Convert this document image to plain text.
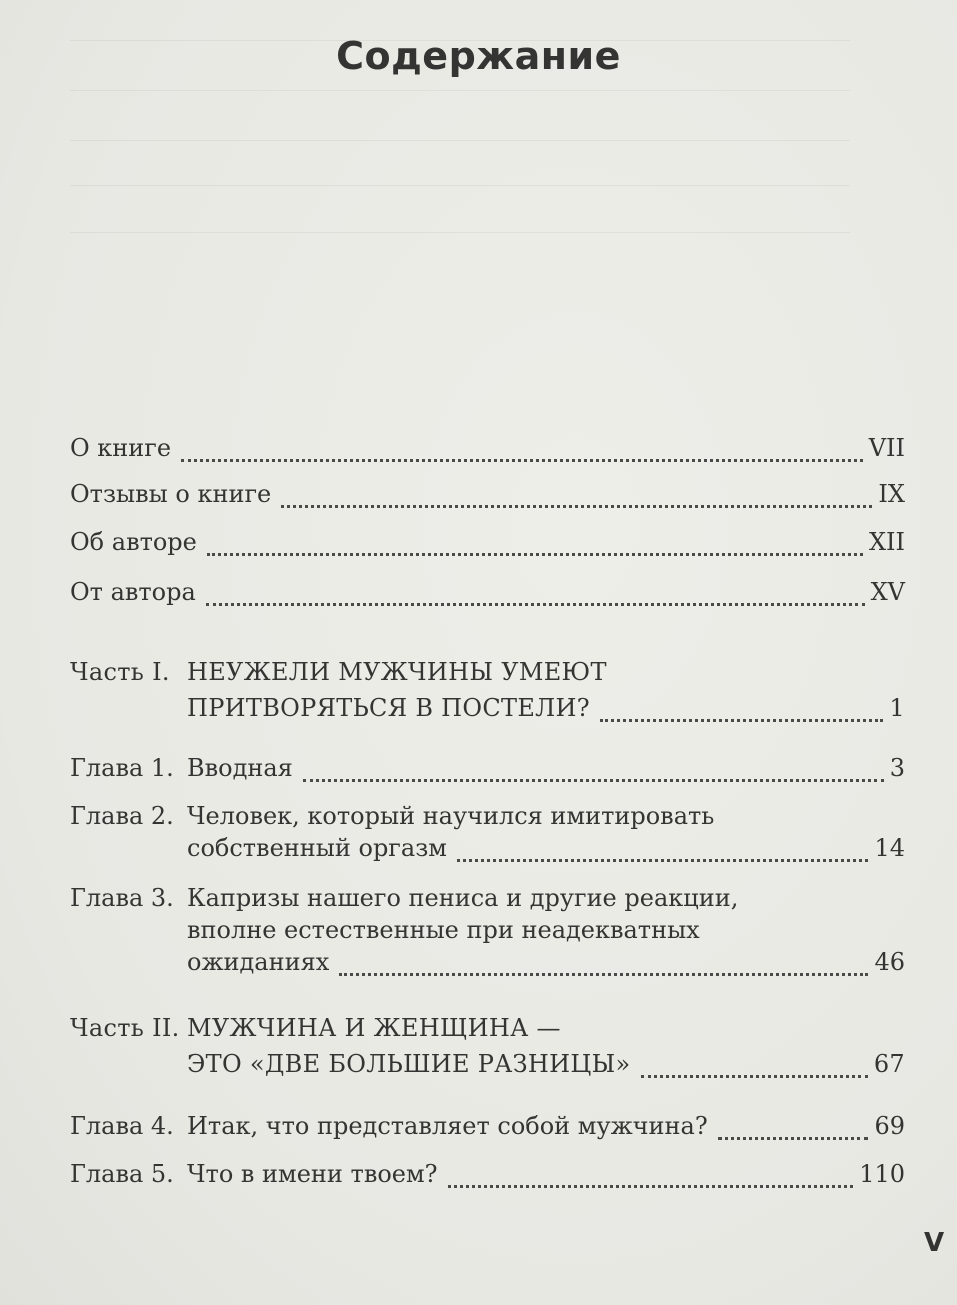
Содержание
О книге	VII
Отзывы о книге	IX
Об авторе	XII
От автора	XV
Часть I. НЕУЖЕЛИ МУЖЧИНЫ УМЕЮТ
ПРИТВОРЯТЬСЯ В ПОСТЕЛИ?	1
Глава 1. Вводная	3
Глава 2. Человек, который научился имитировать
собственный оргазм	14
Глава 3. Капризы нашего пениса и другие реакции,
вполне естественные при неадекватных
ожиданиях	46
Часть II. МУЖЧИНА И ЖЕНЩИНА —
ЭТО «ДВЕ БОЛЬШИЕ РАЗНИЦЫ»	67
Глава 4. Итак, что представляет собой мужчина?	69
Глава 5. Что в имени твоем?	110
V
